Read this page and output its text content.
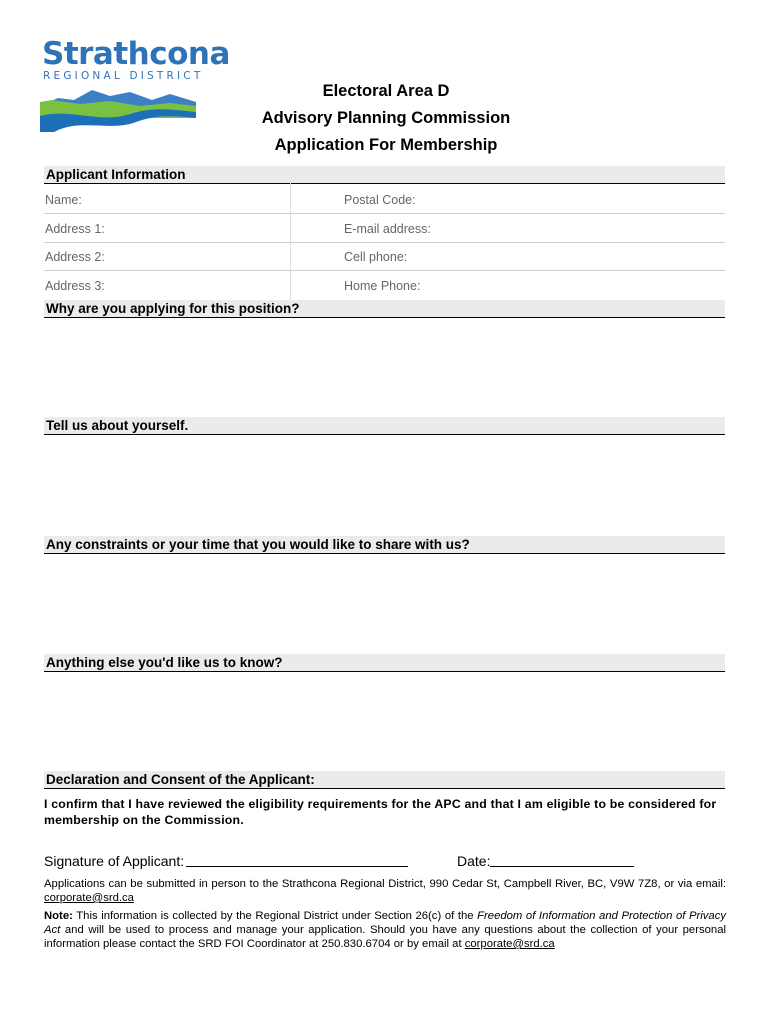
Strathcona
REGIONAL DISTRICT
Electoral Area D
Advisory Planning Commission
Application For Membership
Applicant Information
Name:	Postal Code:
Address 1:	E-mail address:
Address 2:	Cell phone:
Address 3:	Home Phone:
Why are you applying for this position?
Tell us about yourself.
Any constraints or your time that you would like to share with us?
Anything else you'd like us to know?
Declaration and Consent of the Applicant:
I confirm that I have reviewed the eligibility requirements for the APC and that I am eligible to be considered for membership on the Commission.
Signature of Applicant:	Date:
Applications can be submitted in person to the Strathcona Regional District, 990 Cedar St, Campbell River, BC, V9W 7Z8, or via email: corporate@srd.ca
Note: This information is collected by the Regional District under Section 26(c) of the Freedom of Information and Protection of Privacy Act and will be used to process and manage your application. Should you have any questions about the collection of your personal information please contact the SRD FOI Coordinator at 250.830.6704 or by email at corporate@srd.ca
